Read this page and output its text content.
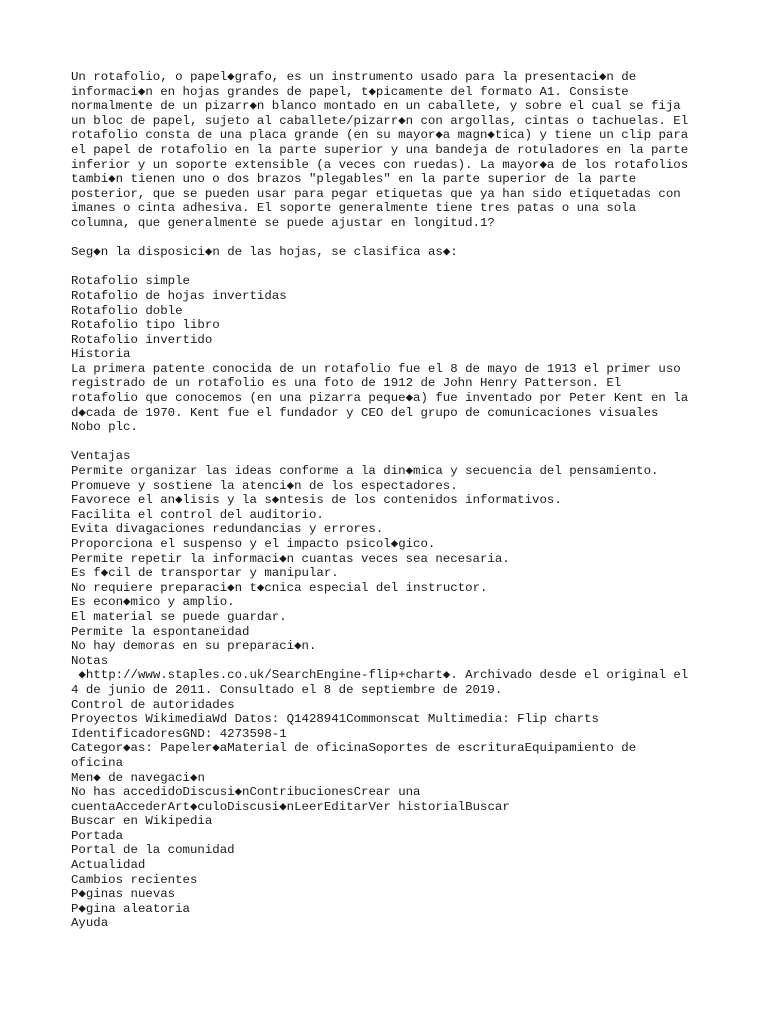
Un rotafolio, o papel◆grafo, es un instrumento usado para la presentaci◆n de

informaci◆n en hojas grandes de papel, t◆picamente del formato A1. Consiste

normalmente de un pizarr◆n blanco montado en un caballete, y sobre el cual se fija

un bloc de papel, sujeto al caballete/pizarr◆n con argollas, cintas o tachuelas. El

rotafolio consta de una placa grande (en su mayor◆a magn◆tica) y tiene un clip para

el papel de rotafolio en la parte superior y una bandeja de rotuladores en la parte

inferior y un soporte extensible (a veces con ruedas). La mayor◆a de los rotafolios

tambi◆n tienen uno o dos brazos "plegables" en la parte superior de la parte

posterior, que se pueden usar para pegar etiquetas que ya han sido etiquetadas con

imanes o cinta adhesiva. El soporte generalmente tiene tres patas o una sola

columna, que generalmente se puede ajustar en longitud.1?

Seg◆n la disposici◆n de las hojas, se clasifica as◆:

Rotafolio simple

Rotafolio de hojas invertidas

Rotafolio doble

Rotafolio tipo libro

Rotafolio invertido

Historia

La primera patente conocida de un rotafolio fue el 8 de mayo de 1913 el primer uso

registrado de un rotafolio es una foto de 1912 de John Henry Patterson. El

rotafolio que conocemos (en una pizarra peque◆a) fue inventado por Peter Kent en la

d◆cada de 1970. Kent fue el fundador y CEO del grupo de comunicaciones visuales

Nobo plc.

Ventajas

Permite organizar las ideas conforme a la din◆mica y secuencia del pensamiento.

Promueve y sostiene la atenci◆n de los espectadores.

Favorece el an◆lisis y la s◆ntesis de los contenidos informativos.

Facilita el control del auditorio.

Evita divagaciones redundancias y errores.

Proporciona el suspenso y el impacto psicol◆gico.

Permite repetir la informaci◆n cuantas veces sea necesaria.

Es f◆cil de transportar y manipular.

No requiere preparaci◆n t◆cnica especial del instructor.

Es econ◆mico y amplio.

El material se puede guardar.

Permite la espontaneidad

No hay demoras en su preparaci◆n.

Notas

◆http://www.staples.co.uk/SearchEngine-flip+chart◆. Archivado desde el original el

4 de junio de 2011. Consultado el 8 de septiembre de 2019.

Control de autoridades

Proyectos WikimediaWd Datos: Q1428941Commonscat Multimedia: Flip charts

IdentificadoresGND: 4273598-1

Categor◆as: Papeler◆aMaterial de oficinaSoportes de escrituraEquipamiento de

oficina

Men◆ de navegaci◆n

No has accedidoDiscusi◆nContribucionesCrear una

cuentaAccederArt◆culoDiscusi◆nLeerEditarVer historialBuscar

Buscar en Wikipedia

Portada

Portal de la comunidad

Actualidad

Cambios recientes

P◆ginas nuevas

P◆gina aleatoria

Ayuda
